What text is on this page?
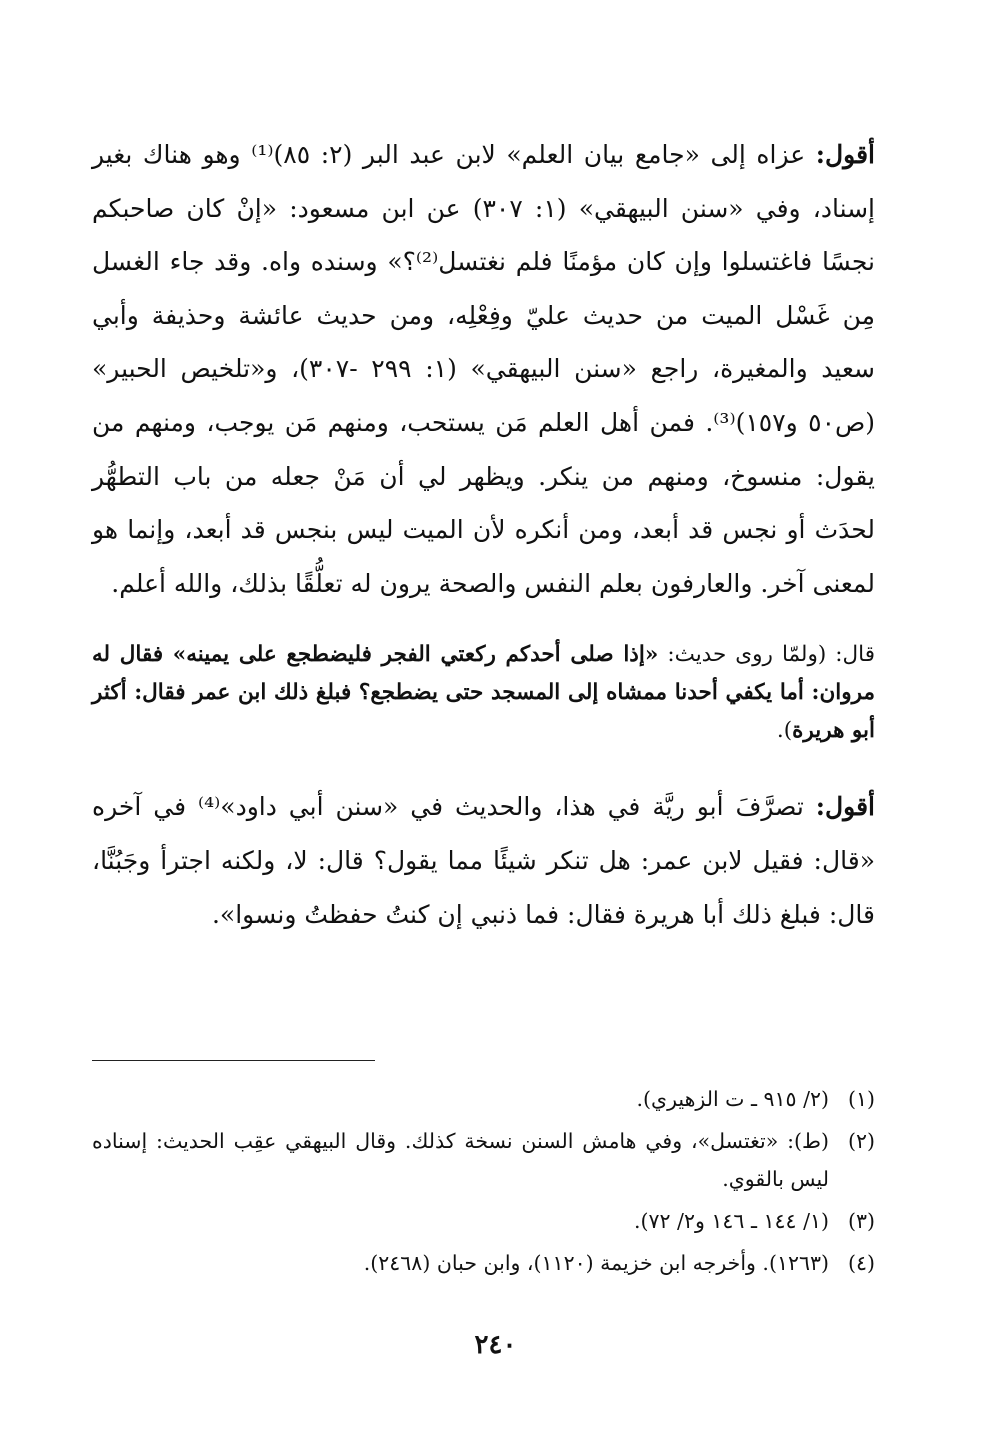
أقول: عزاه إلى «جامع بيان العلم» لابن عبد البر (٢: ٨٥)⁽¹⁾ وهو هناك بغير إسناد، وفي «سنن البيهقي» (١: ٣٠٧) عن ابن مسعود: «إنْ كان صاحبكم نجسًا فاغتسلوا وإن كان مؤمنًا فلم نغتسل⁽²⁾؟» وسنده واه. وقد جاء الغسل مِن غَسْل الميت من حديث عليّ وفِعْلِه، ومن حديث عائشة وحذيفة وأبي سعيد والمغيرة، راجع «سنن البيهقي» (١: ٢٩٩ -٣٠٧)، و«تلخيص الحبير» (ص٥٠ و١٥٧)⁽³⁾. فمن أهل العلم مَن يستحب، ومنهم مَن يوجب، ومنهم من يقول: منسوخ، ومنهم من ينكر. ويظهر لي أن مَنْ جعله من باب التطهُّر لحدَث أو نجس قد أبعد، ومن أنكره لأن الميت ليس بنجس قد أبعد، وإنما هو لمعنى آخر. والعارفون بعلم النفس والصحة يرون له تعلُّقًا بذلك، والله أعلم.

قال: (ولمّا روى حديث: «إذا صلى أحدكم ركعتي الفجر فليضطجع على يمينه» فقال له مروان: أما يكفي أحدنا ممشاه إلى المسجد حتى يضطجع؟ فبلغ ذلك ابن عمر فقال: أكثر أبو هريرة).

أقول: تصرَّفَ أبو ريَّة في هذا، والحديث في «سنن أبي داود»⁽⁴⁾ في آخره «قال: فقيل لابن عمر: هل تنكر شيئًا مما يقول؟ قال: لا، ولكنه اجترأ وجَبُنَّا، قال: فبلغ ذلك أبا هريرة فقال: فما ذنبي إن كنتُ حفظتُ ونسوا».

(١)
(٢/ ٩١٥ ـ ت الزهيري).
(٢)
(ط): «تغتسل»، وفي هامش السنن نسخة كذلك. وقال البيهقي عقِب الحديث: إسناده ليس بالقوي.
(٣)
(١/ ١٤٤ ـ ١٤٦ و٢/ ٧٢).
(٤)
(١٢٦٣). وأخرجه ابن خزيمة (١١٢٠)، وابن حبان (٢٤٦٨).
٢٤٠
